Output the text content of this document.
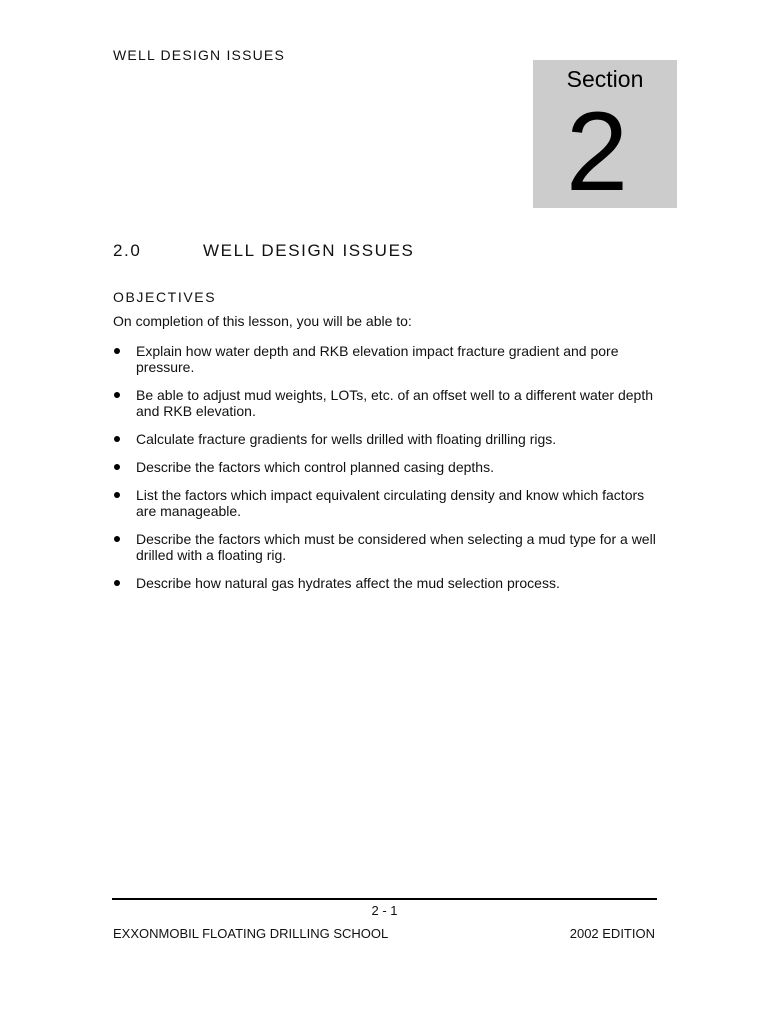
WELL DESIGN ISSUES
Section
2
2.0	WELL DESIGN ISSUES
OBJECTIVES
On completion of this lesson, you will be able to:
Explain how water depth and RKB elevation impact fracture gradient and pore pressure.
Be able to adjust mud weights, LOTs, etc. of an offset well to a different water depth and RKB elevation.
Calculate fracture gradients for wells drilled with floating drilling rigs.
Describe the factors which control planned casing depths.
List the factors which impact equivalent circulating density and know which factors are manageable.
Describe the factors which must be considered when selecting a mud type for a well drilled with a floating rig.
Describe how natural gas hydrates affect the mud selection process.
2 - 1
EXXONMOBIL FLOATING DRILLING SCHOOL	2002 EDITION
